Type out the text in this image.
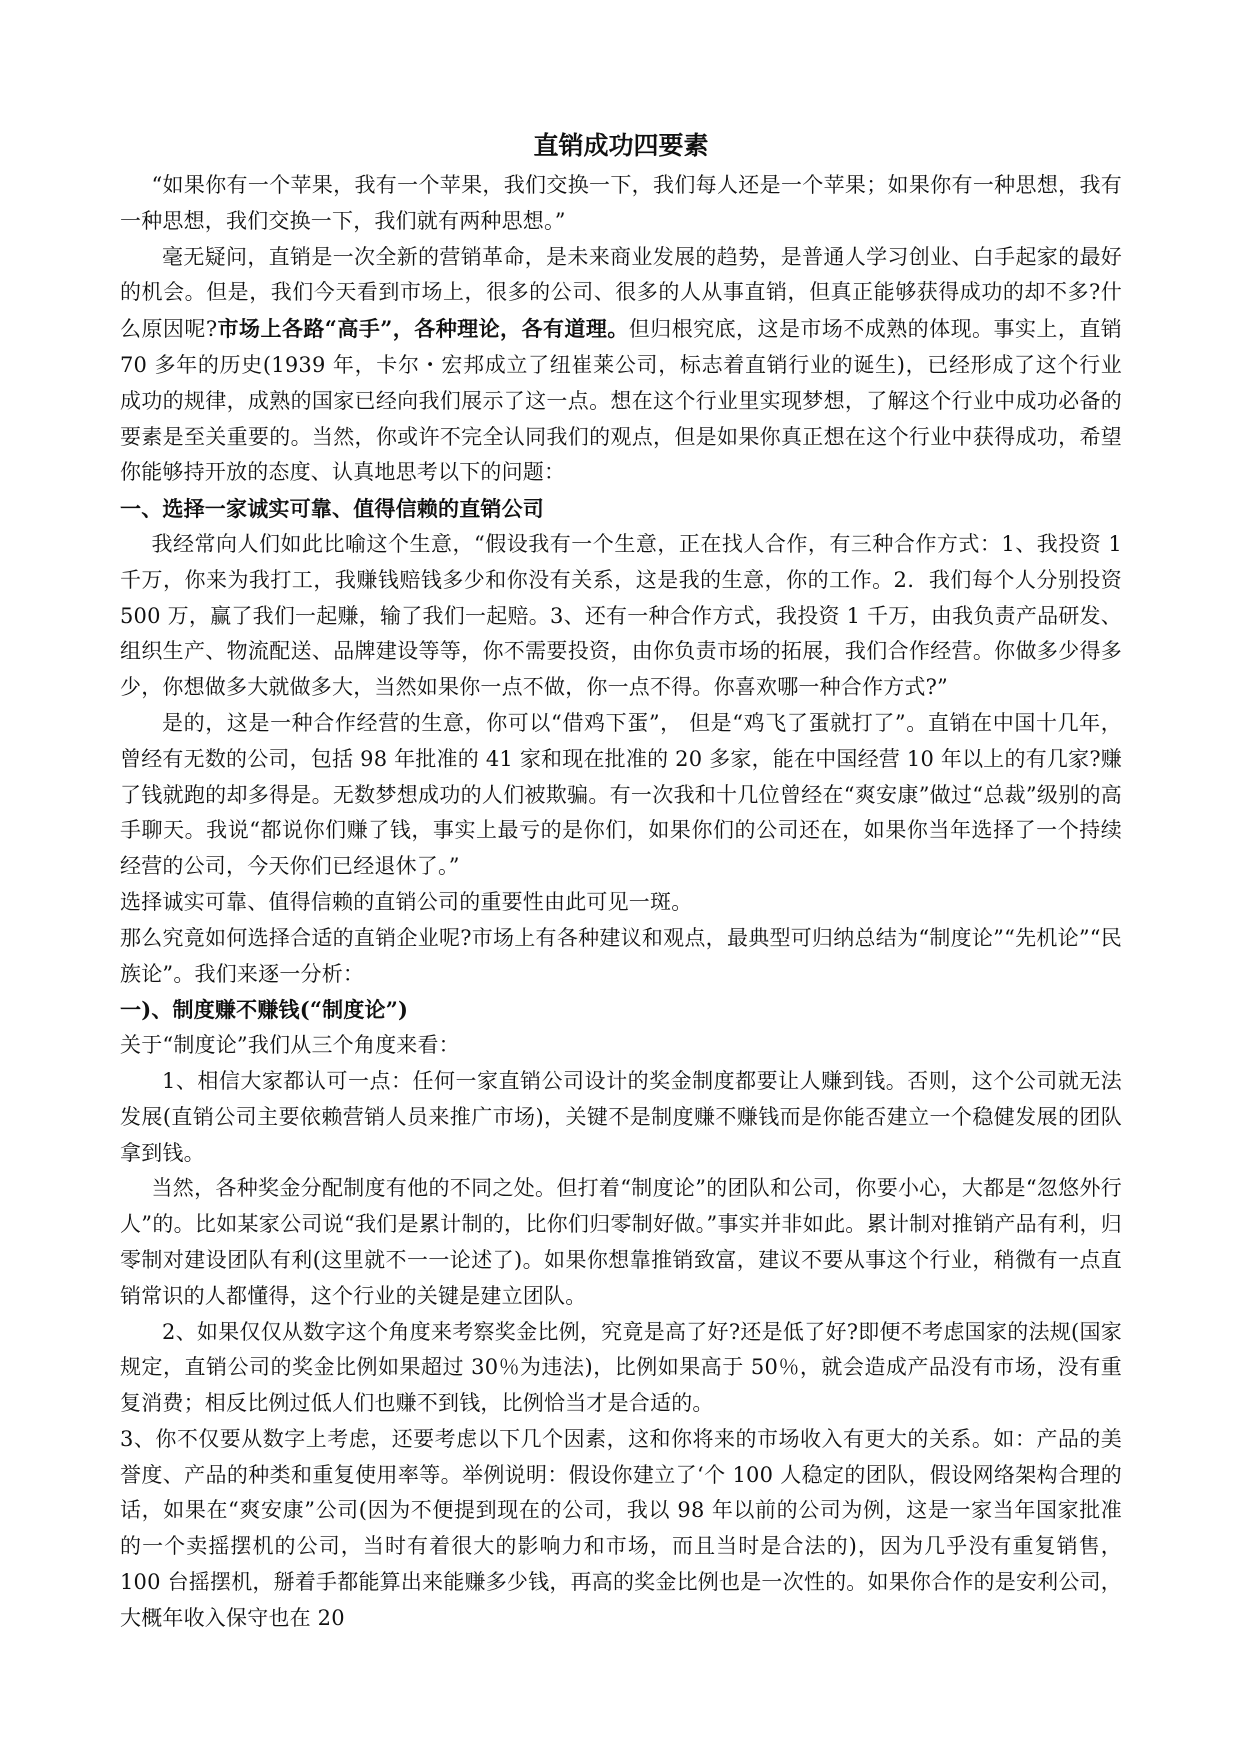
直销成功四要素

“如果你有一个苹果，我有一个苹果，我们交换一下，我们每人还是一个苹果；如果你有一种思想，我有一种思想，我们交换一下，我们就有两种思想。”

毫无疑问，直销是一次全新的营销革命，是未来商业发展的趋势，是普通人学习创业、白手起家的最好的机会。但是，我们今天看到市场上，很多的公司、很多的人从事直销，但真正能够获得成功的却不多?什么原因呢?市场上各路“高手”，各种理论，各有道理。但归根究底，这是市场不成熟的体现。事实上，直销 70 多年的历史(1939 年，卡尔・宏邦成立了纽崔莱公司，标志着直销行业的诞生)，已经形成了这个行业成功的规律，成熟的国家已经向我们展示了这一点。想在这个行业里实现梦想，了解这个行业中成功必备的要素是至关重要的。当然，你或许不完全认同我们的观点，但是如果你真正想在这个行业中获得成功，希望你能够持开放的态度、认真地思考以下的问题：

一、选择一家诚实可靠、值得信赖的直销公司

我经常向人们如此比喻这个生意，“假设我有一个生意，正在找人合作，有三种合作方式：1、我投资 1 千万，你来为我打工，我赚钱赔钱多少和你没有关系，这是我的生意，你的工作。2．我们每个人分别投资 500 万，赢了我们一起赚，输了我们一起赔。3、还有一种合作方式，我投资 1 千万，由我负责产品研发、组织生产、物流配送、品牌建设等等，你不需要投资，由你负责市场的拓展，我们合作经营。你做多少得多少，你想做多大就做多大，当然如果你一点不做，你一点不得。你喜欢哪一种合作方式?”

是的，这是一种合作经营的生意，你可以“借鸡下蛋”， 但是“鸡飞了蛋就打了”。直销在中国十几年，曾经有无数的公司，包括 98 年批准的 41 家和现在批准的 20 多家，能在中国经营 10 年以上的有几家?赚了钱就跑的却多得是。无数梦想成功的人们被欺骗。有一次我和十几位曾经在“爽安康”做过“总裁”级别的高手聊天。我说“都说你们赚了钱，事实上最亏的是你们，如果你们的公司还在，如果你当年选择了一个持续经营的公司，今天你们已经退休了。”

选择诚实可靠、值得信赖的直销公司的重要性由此可见一斑。

那么究竟如何选择合适的直销企业呢?市场上有各种建议和观点，最典型可归纳总结为“制度论”“先机论”“民族论”。我们来逐一分析：

一)、制度赚不赚钱(“制度论”)

关于“制度论”我们从三个角度来看：

1、相信大家都认可一点：任何一家直销公司设计的奖金制度都要让人赚到钱。否则，这个公司就无法发展(直销公司主要依赖营销人员来推广市场)，关键不是制度赚不赚钱而是你能否建立一个稳健发展的团队拿到钱。

当然，各种奖金分配制度有他的不同之处。但打着“制度论”的团队和公司，你要小心，大都是“忽悠外行人”的。比如某家公司说“我们是累计制的，比你们归零制好做。”事实并非如此。累计制对推销产品有利，归零制对建设团队有利(这里就不一一论述了)。如果你想靠推销致富，建议不要从事这个行业，稍微有一点直销常识的人都懂得，这个行业的关键是建立团队。

2、如果仅仅从数字这个角度来考察奖金比例，究竟是高了好?还是低了好?即便不考虑国家的法规(国家规定，直销公司的奖金比例如果超过 30％为违法)，比例如果高于 50％，就会造成产品没有市场，没有重复消费；相反比例过低人们也赚不到钱，比例恰当才是合适的。

3、你不仅要从数字上考虑，还要考虑以下几个因素，这和你将来的市场收入有更大的关系。如：产品的美誉度、产品的种类和重复使用率等。举例说明：假设你建立了‘个 100 人稳定的团队，假设网络架构合理的话，如果在“爽安康”公司(因为不便提到现在的公司，我以 98 年以前的公司为例，这是一家当年国家批准的一个卖摇摆机的公司，当时有着很大的影响力和市场，而且当时是合法的)，因为几乎没有重复销售，100 台摇摆机，掰着手都能算出来能赚多少钱，再高的奖金比例也是一次性的。如果你合作的是安利公司，大概年收入保守也在 20
